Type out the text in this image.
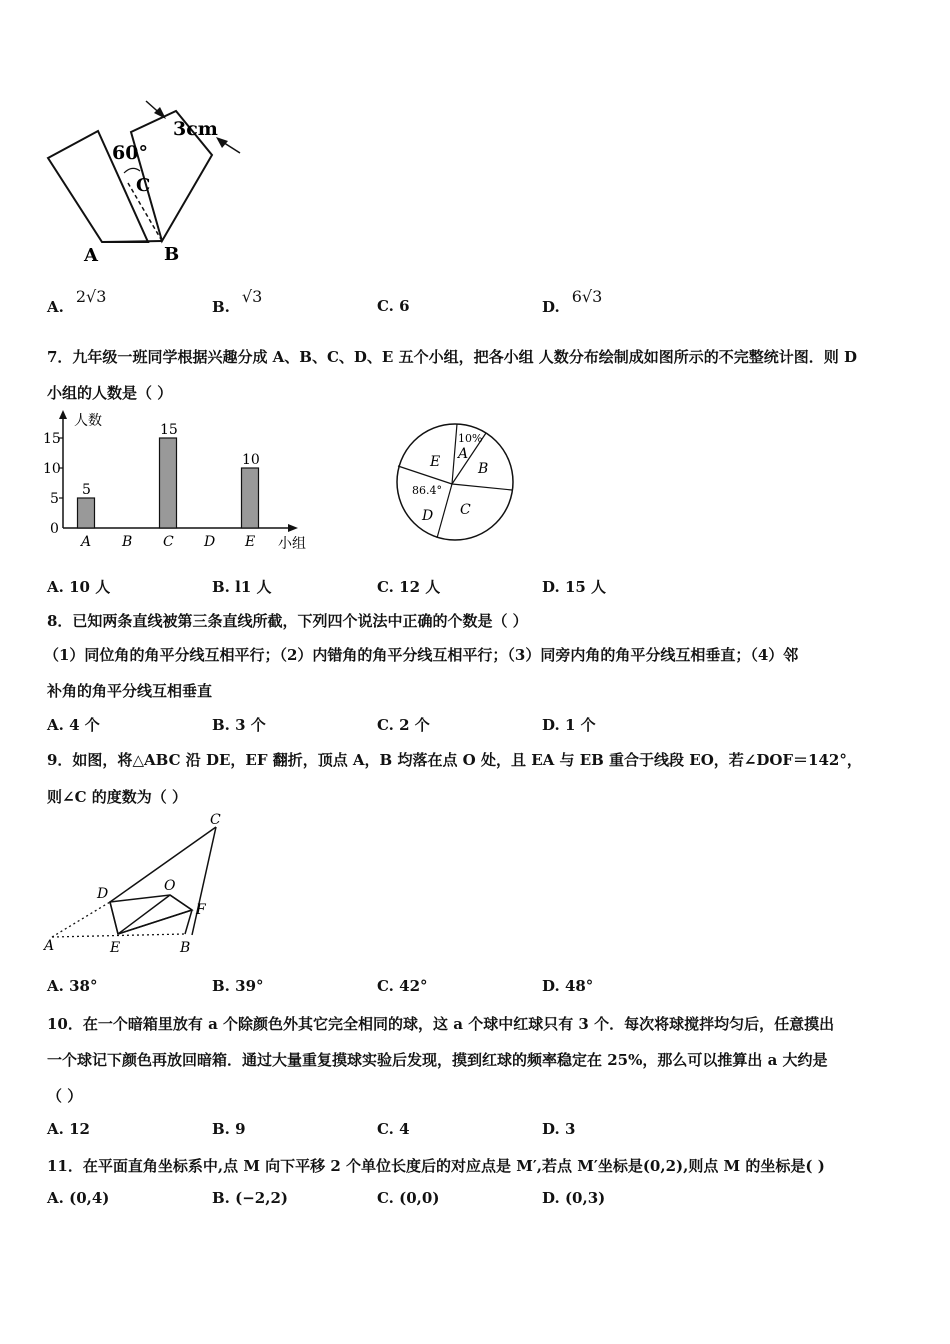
60°
3cm
C
A	B
A.2√3
B.√3	C. 6	D.6√3
7．九年级一班同学根据兴趣分成 A、B、C、D、E 五个小组，把各小组 人数分布绘制成如图所示的不完整统计图．则 D
小组的人数是（ ）
人数
小组
0
5
10
15
A
5
B C
15
D E
10	A
10%
B
C
D
E
86.4°
A. 10 人	B. l1 人	C. 12 人	D. 15 人
8．已知两条直线被第三条直线所截，下列四个说法中正确的个数是（ ）
（1）同位角的角平分线互相平行；（2）内错角的角平分线互相平行；（3）同旁内角的角平分线互相垂直；（4）邻
补角的角平分线互相垂直
A. 4 个	B. 3 个	C. 2 个	D. 1 个
9．如图，将△ABC 沿 DE，EF 翻折，顶点 A，B 均落在点 O 处，且 EA 与 EB 重合于线段 EO，若∠DOF＝142°，
则∠C 的度数为（ ）
A	B
C
D
E
F
O
A. 38°	B. 39°	C. 42°	D. 48°
10．在一个暗箱里放有 a 个除颜色外其它完全相同的球，这 a 个球中红球只有 3 个．每次将球搅拌均匀后，任意摸出
一个球记下颜色再放回暗箱．通过大量重复摸球实验后发现，摸到红球的频率稳定在 25%，那么可以推算出 a 大约是
（ ）
A. 12	B. 9	C. 4	D. 3
11．在平面直角坐标系中,点 M 向下平移 2 个单位长度后的对应点是 M′,若点 M′坐标是(0,2),则点 M 的坐标是( )
A. (0,4)	B. (−2,2)	C. (0,0)	D. (0,3)
